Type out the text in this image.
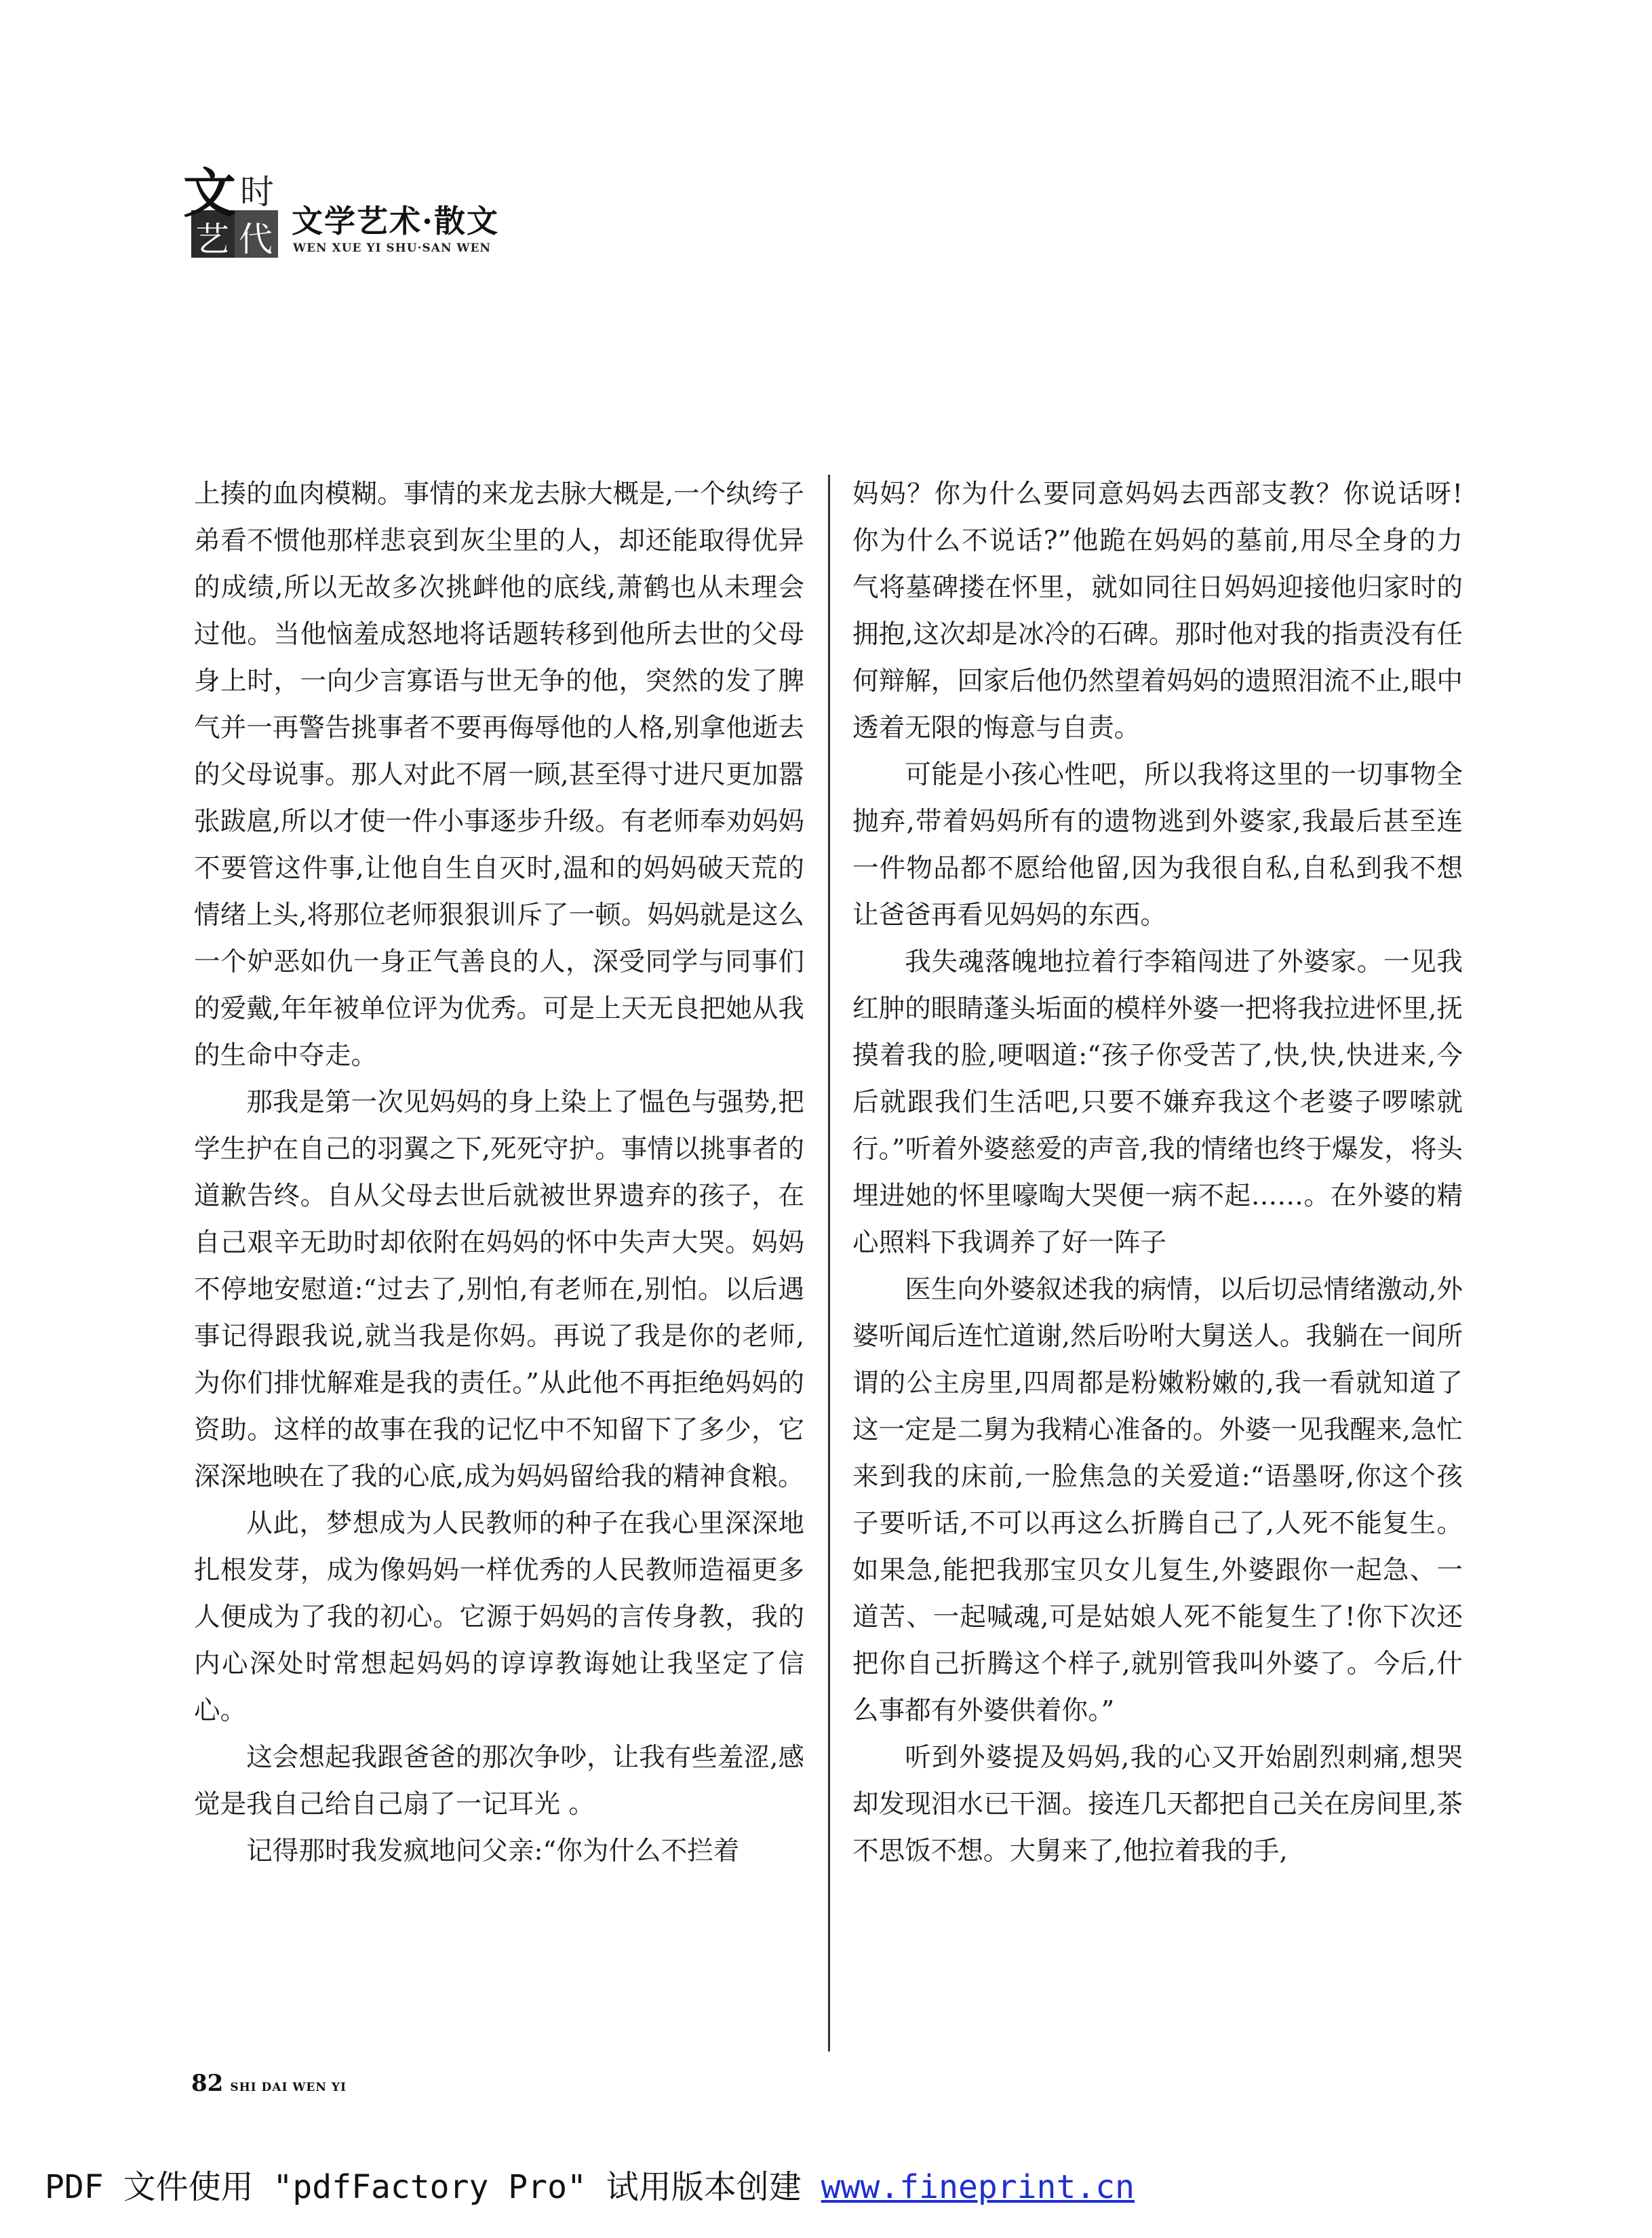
文 时
艺 代 文学艺术·散文
WEN XUE YI SHU·SAN WEN

上揍的血肉模糊。事情的来龙去脉大概是,一个纨绔子弟看不惯他那样悲哀到灰尘里的人，却还能取得优异的成绩,所以无故多次挑衅他的底线,萧鹤也从未理会过他。当他恼羞成怒地将话题转移到他所去世的父母身上时，一向少言寡语与世无争的他，突然的发了脾气并一再警告挑事者不要再侮辱他的人格,别拿他逝去的父母说事。那人对此不屑一顾,甚至得寸进尺更加嚣张跋扈,所以才使一件小事逐步升级。有老师奉劝妈妈不要管这件事,让他自生自灭时,温和的妈妈破天荒的情绪上头,将那位老师狠狠训斥了一顿。妈妈就是这么一个妒恶如仇一身正气善良的人，深受同学与同事们的爱戴,年年被单位评为优秀。可是上天无良把她从我的生命中夺走。

那我是第一次见妈妈的身上染上了愠色与强势,把学生护在自己的羽翼之下,死死守护。事情以挑事者的道歉告终。自从父母去世后就被世界遗弃的孩子，在自己艰辛无助时却依附在妈妈的怀中失声大哭。妈妈不停地安慰道:“过去了,别怕,有老师在,别怕。以后遇事记得跟我说,就当我是你妈。再说了我是你的老师,为你们排忧解难是我的责任。”从此他不再拒绝妈妈的资助。这样的故事在我的记忆中不知留下了多少，它深深地映在了我的心底,成为妈妈留给我的精神食粮。

从此，梦想成为人民教师的种子在我心里深深地扎根发芽，成为像妈妈一样优秀的人民教师造福更多人便成为了我的初心。它源于妈妈的言传身教，我的内心深处时常想起妈妈的谆谆教诲她让我坚定了信心。

这会想起我跟爸爸的那次争吵，让我有些羞涩,感觉是我自己给自己扇了一记耳光 。

记得那时我发疯地问父亲:“你为什么不拦着

妈妈？你为什么要同意妈妈去西部支教？你说话呀!你为什么不说话?”他跪在妈妈的墓前,用尽全身的力气将墓碑搂在怀里，就如同往日妈妈迎接他归家时的拥抱,这次却是冰冷的石碑。那时他对我的指责没有任何辩解，回家后他仍然望着妈妈的遗照泪流不止,眼中透着无限的悔意与自责。

可能是小孩心性吧，所以我将这里的一切事物全抛弃,带着妈妈所有的遗物逃到外婆家,我最后甚至连一件物品都不愿给他留,因为我很自私,自私到我不想让爸爸再看见妈妈的东西。

我失魂落魄地拉着行李箱闯进了外婆家。一见我红肿的眼睛蓬头垢面的模样外婆一把将我拉进怀里,抚摸着我的脸,哽咽道:“孩子你受苦了,快,快,快进来,今后就跟我们生活吧,只要不嫌弃我这个老婆子啰嗦就行。”听着外婆慈爱的声音,我的情绪也终于爆发，将头埋进她的怀里嚎啕大哭便一病不起……。在外婆的精心照料下我调养了好一阵子

医生向外婆叙述我的病情，以后切忌情绪激动,外婆听闻后连忙道谢,然后吩咐大舅送人。我躺在一间所谓的公主房里,四周都是粉嫩粉嫩的,我一看就知道了这一定是二舅为我精心准备的。外婆一见我醒来,急忙来到我的床前,一脸焦急的关爱道:“语墨呀,你这个孩子要听话,不可以再这么折腾自己了,人死不能复生。如果急,能把我那宝贝女儿复生,外婆跟你一起急、一道苦、一起喊魂,可是姑娘人死不能复生了!你下次还把你自己折腾这个样子,就别管我叫外婆了。今后,什么事都有外婆供着你。”

听到外婆提及妈妈,我的心又开始剧烈刺痛,想哭却发现泪水已干涸。接连几天都把自己关在房间里,茶不思饭不想。大舅来了,他拉着我的手,

82 SHI DAI WEN YI
PDF 文件使用 "pdfFactory Pro" 试用版本创建 www.fineprint.cn
